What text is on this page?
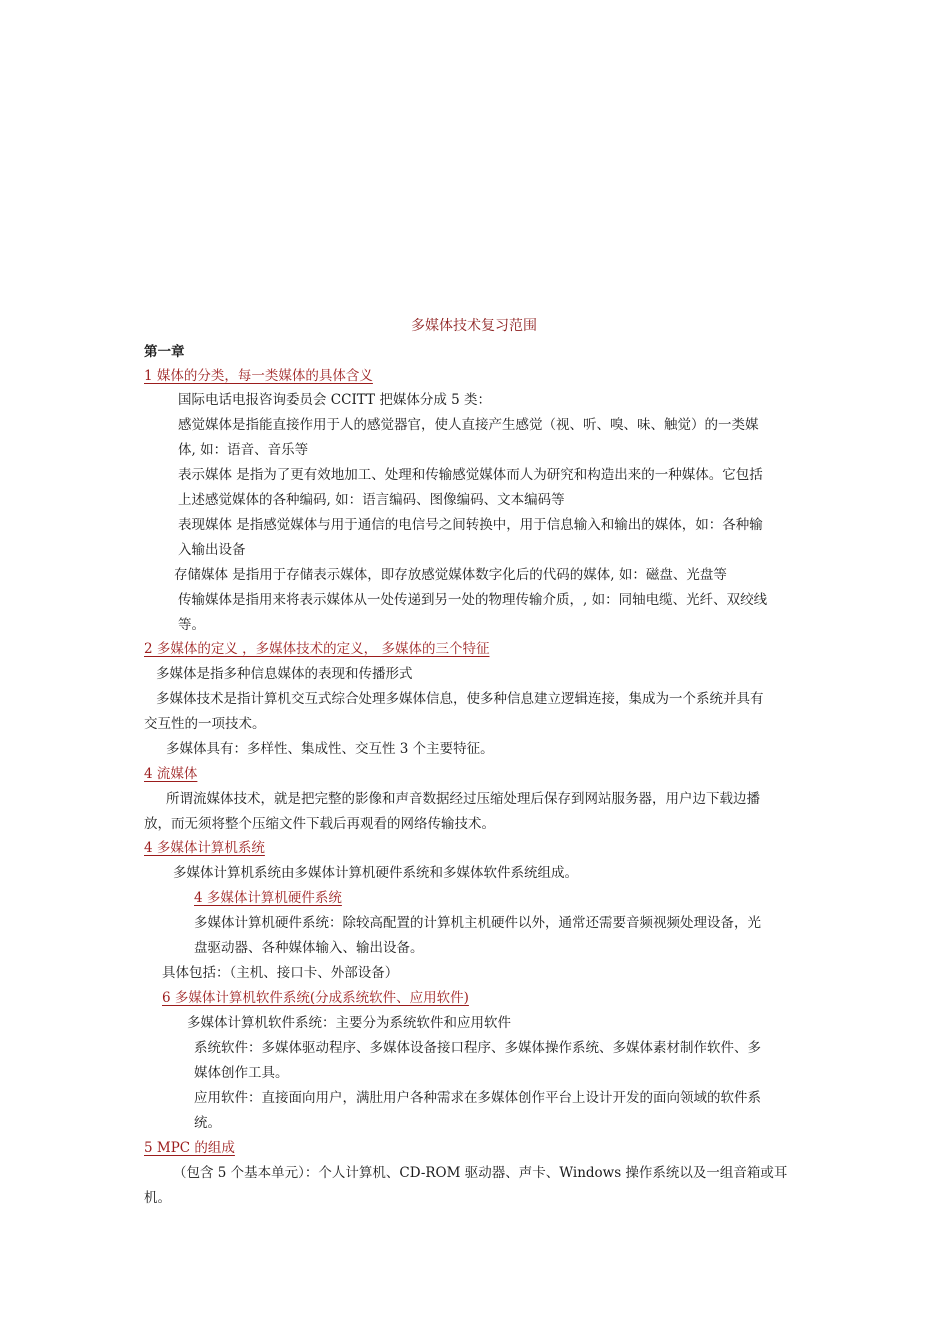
多媒体技术复习范围
第一章
1 媒体的分类，每一类媒体的具体含义
国际电话电报咨询委员会 CCITT 把媒体分成 5 类：
感觉媒体是指能直接作用于人的感觉器官，使人直接产生感觉（视、听、嗅、味、触觉）的一类媒
体, 如：语音、音乐等
表示媒体 是指为了更有效地加工、处理和传输感觉媒体而人为研究和构造出来的一种媒体。它包括
上述感觉媒体的各种编码, 如：语言编码、图像编码、文本编码等
表现媒体 是指感觉媒体与用于通信的电信号之间转换中，用于信息输入和输出的媒体，如：各种输
入输出设备
存储媒体 是指用于存储表示媒体，即存放感觉媒体数字化后的代码的媒体, 如：磁盘、光盘等
传输媒体是指用来将表示媒体从一处传递到另一处的物理传输介质，, 如：同轴电缆、光纤、双绞线
等。
2 多媒体的定义 ，多媒体技术的定义， 多媒体的三个特征
多媒体是指多种信息媒体的表现和传播形式
多媒体技术是指计算机交互式综合处理多媒体信息，使多种信息建立逻辑连接，集成为一个系统并具有
交互性的一项技术。
多媒体具有：多样性、集成性、交互性 3 个主要特征。
4 流媒体
所谓流媒体技术，就是把完整的影像和声音数据经过压缩处理后保存到网站服务器，用户边下载边播
放，而无须将整个压缩文件下载后再观看的网络传输技术。
4 多媒体计算机系统
多媒体计算机系统由多媒体计算机硬件系统和多媒体软件系统组成。
4 多媒体计算机硬件系统
多媒体计算机硬件系统：除较高配置的计算机主机硬件以外，通常还需要音频视频处理设备，光
盘驱动器、各种媒体输入、输出设备。
具体包括：（主机、接口卡、外部设备）
6 多媒体计算机软件系统(分成系统软件、应用软件)
多媒体计算机软件系统：主要分为系统软件和应用软件
系统软件：多媒体驱动程序、多媒体设备接口程序、多媒体操作系统、多媒体素材制作软件、多
媒体创作工具。
应用软件：直接面向用户，满肚用户各种需求在多媒体创作平台上设计开发的面向领域的软件系
统。
5 MPC 的组成
（包含 5 个基本单元）：个人计算机、CD-ROM 驱动器、声卡、Windows 操作系统以及一组音箱或耳
机。
